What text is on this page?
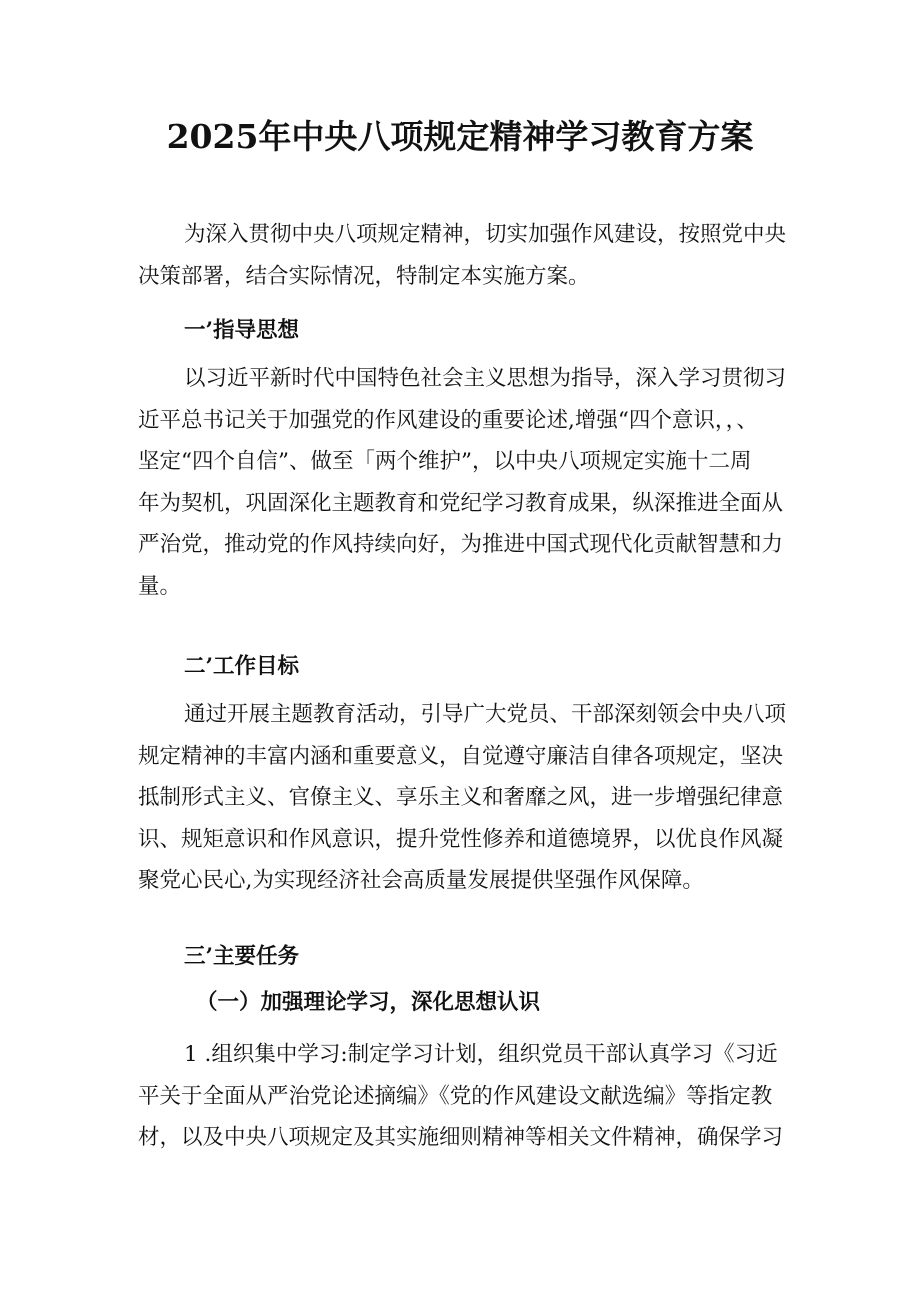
2025年中央八项规定精神学习教育方案
为深入贯彻中央八项规定精神，切实加强作风建设，按照党中央
决策部署，结合实际情况，特制定本实施方案。
一’指导思想
以习近平新时代中国特色社会主义思想为指导，深入学习贯彻习
近平总书记关于加强党的作风建设的重要论述,增强“四个意识，，、
坚定“四个自信”、做至「两个维护”，以中央八项规定实施十二周
年为契机，巩固深化主题教育和党纪学习教育成果，纵深推进全面从
严治党，推动党的作风持续向好，为推进中国式现代化贡献智慧和力
量。
二’工作目标
通过开展主题教育活动，引导广大党员、干部深刻领会中央八项
规定精神的丰富内涵和重要意义，自觉遵守廉洁自律各项规定，坚决
抵制形式主义、官僚主义、享乐主义和奢靡之风，进一步增强纪律意
识、规矩意识和作风意识，提升党性修养和道德境界，以优良作风凝
聚党心民心,为实现经济社会高质量发展提供坚强作风保障。
三’主要任务
（一）加强理论学习，深化思想认识
1 .组织集中学习:制定学习计划，组织党员干部认真学习《习近
平关于全面从严治党论述摘编》《党的作风建设文献选编》等指定教
材，以及中央八项规定及其实施细则精神等相关文件精神，确保学习
